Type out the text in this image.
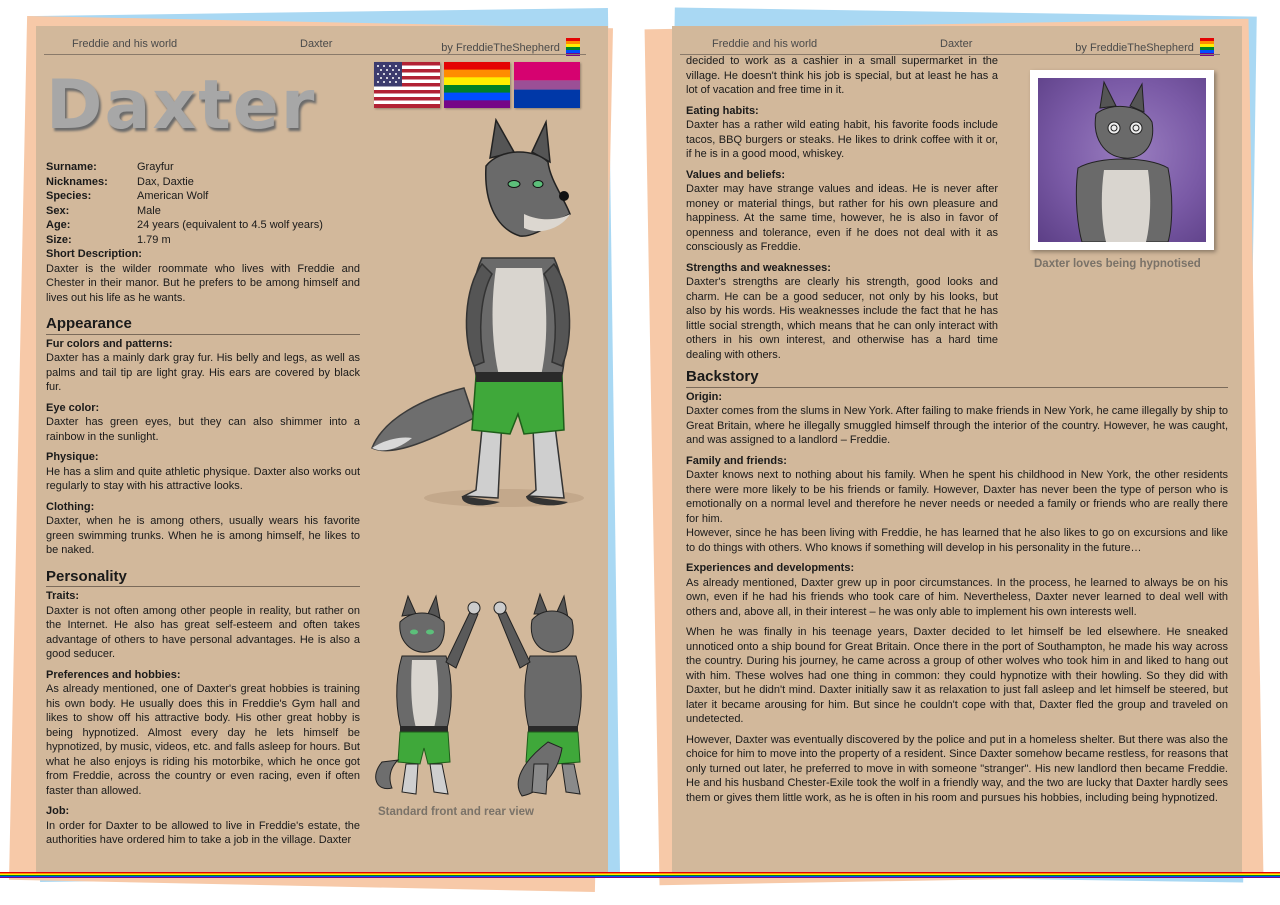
Freddie and his world	Daxter	by FreddieTheShepherd
Daxter
Surname:	Grayfur
Nicknames:	Dax, Daxtie
Species:	American Wolf
Sex:	Male
Age:	24 years (equivalent to 4.5 wolf years)
Size:	1.79 m
Short Description:
Daxter is the wilder roommate who lives with Freddie and Chester in their manor. But he prefers to be among himself and lives out his life as he wants.
Appearance
Fur colors and patterns:
Daxter has a mainly dark gray fur. His belly and legs, as well as palms and tail tip are light gray. His ears are covered by black fur.
Eye color:
Daxter has green eyes, but they can also shimmer into a rainbow in the sunlight.
Physique:
He has a slim and quite athletic physique. Daxter also works out regularly to stay with his attractive looks.
Clothing:
Daxter, when he is among others, usually wears his favorite green swimming trunks. When he is among himself, he likes to be naked.
Personality
Traits:
Daxter is not often among other people in reality, but rather on the Internet. He also has great self-esteem and often takes advantage of others to have personal advantages. He is also a good seducer.
Preferences and hobbies:
As already mentioned, one of Daxter's great hobbies is training his own body. He usually does this in Freddie's Gym hall and likes to show off his attractive body. His other great hobby is being hypnotized. Almost every day he lets himself be hypnotized, by music, videos, etc. and falls asleep for hours. But what he also enjoys is riding his motorbike, which he once got from Freddie, across the country or even racing, even if often faster than allowed.
Job:
In order for Daxter to be allowed to live in Freddie's estate, the authorities have ordered him to take a job in the village. Daxter
Standard front and rear view
Freddie and his world	Daxter	by FreddieTheShepherd
decided to work as a cashier in a small supermarket in the village. He doesn't think his job is special, but at least he has a lot of vacation and free time in it.
Eating habits:
Daxter has a rather wild eating habit, his favorite foods include tacos, BBQ burgers or steaks. He likes to drink coffee with it or, if he is in a good mood, whiskey.
Values and beliefs:
Daxter may have strange values and ideas. He is never after money or material things, but rather for his own pleasure and happiness. At the same time, however, he is also in favor of openness and tolerance, even if he does not deal with it as consciously as Freddie.
Strengths and weaknesses:
Daxter's strengths are clearly his strength, good looks and charm. He can be a good seducer, not only by his looks, but also by his words. His weaknesses include the fact that he has little social strength, which means that he can only interact with others in his own interest, and otherwise has a hard time dealing with others.
Daxter loves being hypnotised
Backstory
Origin:
Daxter comes from the slums in New York. After failing to make friends in New York, he came illegally by ship to Great Britain, where he illegally smuggled himself through the interior of the country. However, he was caught, and was assigned to a landlord – Freddie.
Family and friends:
Daxter knows next to nothing about his family. When he spent his childhood in New York, the other residents there were more likely to be his friends or family. However, Daxter has never been the type of person who is emotionally on a normal level and therefore he never needs or needed a family or friends who are really there for him.
However, since he has been living with Freddie, he has learned that he also likes to go on excursions and like to do things with others. Who knows if something will develop in his personality in the future…
Experiences and developments:
As already mentioned, Daxter grew up in poor circumstances. In the process, he learned to always be on his own, even if he had his friends who took care of him. Nevertheless, Daxter never learned to deal well with others and, above all, in their interest – he was only able to implement his own interests well.
When he was finally in his teenage years, Daxter decided to let himself be led elsewhere. He sneaked unnoticed onto a ship bound for Great Britain. Once there in the port of Southampton, he made his way across the country. During his journey, he came across a group of other wolves who took him in and liked to hang out with him. These wolves had one thing in common: they could hypnotize with their howling. So they did with Daxter, but he didn't mind. Daxter initially saw it as relaxation to just fall asleep and let himself be steered, but later it became arousing for him. But since he couldn't cope with that, Daxter fled the group and traveled on undetected.
However, Daxter was eventually discovered by the police and put in a homeless shelter. But there was also the choice for him to move into the property of a resident. Since Daxter somehow became restless, for reasons that only turned out later, he preferred to move in with someone "stranger". His new landlord then became Freddie. He and his husband Chester-Exile took the wolf in a friendly way, and the two are lucky that Daxter hardly sees them or gives them little work, as he is often in his room and pursues his hobbies, including being hypnotized.
